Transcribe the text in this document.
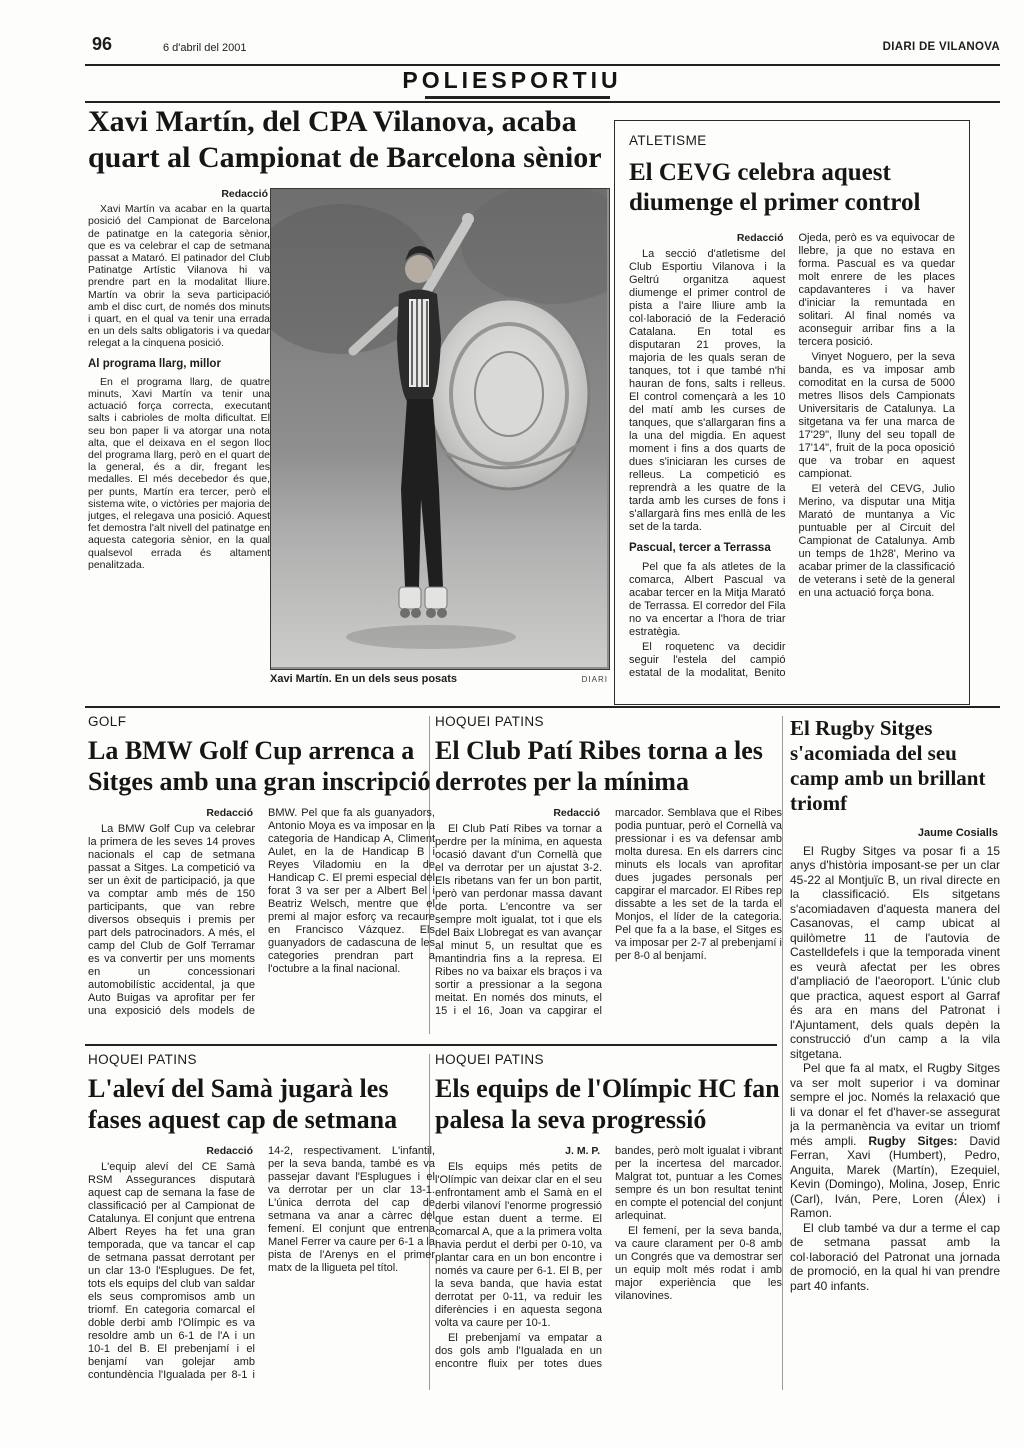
96	6 d'abril del 2001	DIARI DE VILANOVA
POLIESPORTIU
Xavi Martín, del CPA Vilanova, acaba quart al Campionat de Barcelona sènior
Redacció

Xavi Martín va acabar en la quarta posició del Campionat de Barcelona de patinatge en la categoria sènior, que es va celebrar el cap de setmana passat a Mataró. El patinador del Club Patinatge Artístic Vilanova hi va prendre part en la modalitat lliure. Martín va obrir la seva participació amb el disc curt, de només dos minuts i quart, en el qual va tenir una errada en un dels salts obligatoris i va quedar relegat a la cinquena posició.

Al programa llarg, millor

En el programa llarg, de quatre minuts, Xavi Martín va tenir una actuació força correcta, executant salts i cabrioles de molta dificultat. El seu bon paper li va atorgar una nota alta, que el deixava en el segon lloc del programa llarg, però en el quart de la general, és a dir, fregant les medalles. El més decebedor és que, per punts, Martín era tercer, però el sistema wite, o victòries per majoria de jutges, el relegava una posició. Aquest fet demostra l'alt nivell del patinatge en aquesta categoria sènior, en la qual qualsevol errada és altament penalitzada.

Xavi Martín. En un dels seus posats	DIARI
ATLETISME
El CEVG celebra aquest diumenge el primer control
Redacció

La secció d'atletisme del Club Esportiu Vilanova i la Geltrú organitza aquest diumenge el primer control de pista a l'aire lliure amb la col·laboració de la Federació Catalana. En total es disputaran 21 proves, la majoria de les quals seran de tanques, tot i que també n'hi hauran de fons, salts i relleus. El control començarà a les 10 del matí amb les curses de tanques, que s'allargaran fins a la una del migdia. En aquest moment i fins a dos quarts de dues s'iniciaran les curses de relleus. La competició es reprendrà a les quatre de la tarda amb les curses de fons i s'allargarà fins mes enllà de les set de la tarda.

Pascual, tercer a Terrassa

Pel que fa als atletes de la comarca, Albert Pascual va acabar tercer en la Mitja Marató de Terrassa. El corredor del Fila no va encertar a l'hora de triar estratègia.

El roquetenc va decidir seguir l'estela del campió estatal de la modalitat, Benito Ojeda, però es va equivocar de llebre, ja que no estava en forma. Pascual es va quedar molt enrere de les places capdavanteres i va haver d'iniciar la remuntada en solitari. Al final només va aconseguir arribar fins a la tercera posició.

Vinyet Noguero, per la seva banda, es va imposar amb comoditat en la cursa de 5000 metres llisos dels Campionats Universitaris de Catalunya. La sitgetana va fer una marca de 17'29", lluny del seu topall de 17'14", fruit de la poca oposició que va trobar en aquest campionat.

El veterà del CEVG, Julio Merino, va disputar una Mitja Marató de muntanya a Vic puntuable per al Circuit del Campionat de Catalunya. Amb un temps de 1h28', Merino va acabar primer de la classificació de veterans i setè de la general en una actuació força bona.

GOLF
La BMW Golf Cup arrenca a Sitges amb una gran inscripció
Redacció

La BMW Golf Cup va celebrar la primera de les seves 14 proves nacionals el cap de setmana passat a Sitges. La competició va ser un èxit de participació, ja que va comptar amb més de 150 participants, que van rebre diversos obsequis i premis per part dels patrocinadors. A més, el camp del Club de Golf Terramar es va convertir per uns moments en un concessionari automobilístic accidental, ja que Auto Buigas va aprofitar per fer una exposició dels models de BMW. Pel que fa als guanyadors, Antonio Moya es va imposar en la categoria de Handicap A, Climent Aulet, en la de Handicap B i Reyes Viladomiu en la de Handicap C. El premi especial del forat 3 va ser per a Albert Bel i Beatriz Welsch, mentre que el premi al major esforç va recaure en Francisco Vázquez. Els guanyadors de cadascuna de les categories prendran part a l'octubre a la final nacional.

HOQUEI PATINS
El Club Patí Ribes torna a les derrotes per la mínima
Redacció

El Club Patí Ribes va tornar a perdre per la mínima, en aquesta ocasió davant d'un Cornellà que el va derrotar per un ajustat 3-2. Els ribetans van fer un bon partit, però van perdonar massa davant de porta. L'encontre va ser sempre molt igualat, tot i que els del Baix Llobregat es van avançar al minut 5, un resultat que es mantindria fins a la represa. El Ribes no va baixar els braços i va sortir a pressionar a la segona meitat. En només dos minuts, el 15 i el 16, Joan va capgirar el marcador. Semblava que el Ribes podia puntuar, però el Cornellà va pressionar i es va defensar amb molta duresa. En els darrers cinc minuts els locals van aprofitar dues jugades personals per capgirar el marcador. El Ribes rep dissabte a les set de la tarda el Monjos, el líder de la categoria. Pel que fa a la base, el Sitges es va imposar per 2-7 al prebenjamí i per 8-0 al benjamí.

El Rugby Sitges s'acomiada del seu camp amb un brillant triomf
Jaume Cosialls

El Rugby Sitges va posar fi a 15 anys d'història imposant-se per un clar 45-22 al Montjuïc B, un rival directe en la classificació. Els sitgetans s'acomiadaven d'aquesta manera del Casanovas, el camp ubicat al quilòmetre 11 de l'autovia de Castelldefels i que la temporada vinent es veurà afectat per les obres d'ampliació de l'aeoroport. L'únic club que practica, aquest esport al Garraf és ara en mans del Patronat i l'Ajuntament, dels quals depèn la construcció d'un camp a la vila sitgetana.

Pel que fa al matx, el Rugby Sitges va ser molt superior i va dominar sempre el joc. Només la relaxació que li va donar el fet d'haver-se assegurat ja la permanència va evitar un triomf més ampli. Rugby Sitges: David Ferran, Xavi (Humbert), Pedro, Anguita, Marek (Martín), Ezequiel, Kevin (Domingo), Molina, Josep, Enric (Carl), Iván, Pere, Loren (Álex) i Ramon.

El club també va dur a terme el cap de setmana passat amb la col·laboració del Patronat una jornada de promoció, en la qual hi van prendre part 40 infants.

HOQUEI PATINS
L'aleví del Samà jugarà les fases aquest cap de setmana
Redacció

L'equip aleví del CE Samà RSM Assegurances disputarà aquest cap de semana la fase de classificació per al Campionat de Catalunya. El conjunt que entrena Albert Reyes ha fet una gran temporada, que va tancar el cap de setmana passat derrotant per un clar 13-0 l'Esplugues. De fet, tots els equips del club van saldar els seus compromisos amb un triomf. En categoria comarcal el doble derbi amb l'Olímpic es va resoldre amb un 6-1 de l'A i un 10-1 del B. El prebenjamí i el benjamí van golejar amb contundència l'Igualada per 8-1 i 14-2, respectivament. L'infantil, per la seva banda, també es va passejar davant l'Esplugues i el va derrotar per un clar 13-1. L'única derrota del cap de setmana va anar a càrrec del femení. El conjunt que entrena Manel Ferrer va caure per 6-1 a la pista de l'Arenys en el primer matx de la lligueta pel títol.

HOQUEI PATINS
Els equips de l'Olímpic HC fan palesa la seva progressió
J. M. P.

Els equips més petits de l'Olímpic van deixar clar en el seu enfrontament amb el Samà en el derbi vilanoví l'enorme progressió que estan duent a terme. El comarcal A, que a la primera volta havia perdut el derbi per 0-10, va plantar cara en un bon encontre i només va caure per 6-1. El B, per la seva banda, que havia estat derrotat per 0-11, va reduir les diferències i en aquesta segona volta va caure per 10-1.

El prebenjamí va empatar a dos gols amb l'Igualada en un encontre fluix per totes dues bandes, però molt igualat i vibrant per la incertesa del marcador. Malgrat tot, puntuar a les Comes sempre és un bon resultat tenint en compte el potencial del conjunt arlequinat.

El femení, per la seva banda, va caure clarament per 0-8 amb un Congrés que va demostrar ser un equip molt més rodat i amb major experiència que les vilanovines.
